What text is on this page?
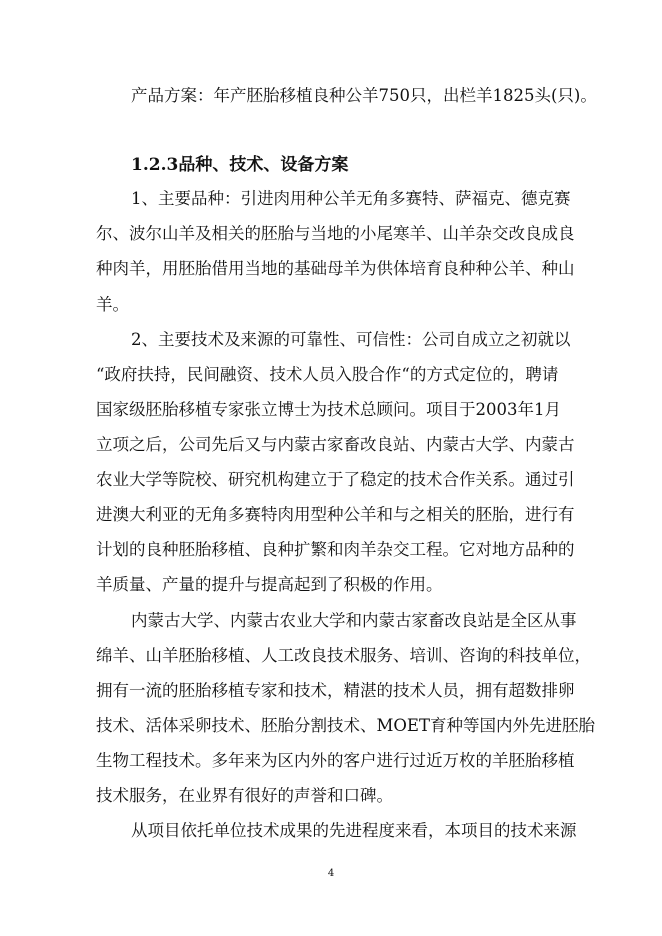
产品方案：年产胚胎移植良种公羊750只，出栏羊1825头(只)。
1.2.3品种、技术、设备方案
1、主要品种：引进肉用种公羊无角多赛特、萨福克、德克赛
尔、波尔山羊及相关的胚胎与当地的小尾寒羊、山羊杂交改良成良
种肉羊，用胚胎借用当地的基础母羊为供体培育良种种公羊、种山
羊。
2、主要技术及来源的可靠性、可信性：公司自成立之初就以
“政府扶持，民间融资、技术人员入股合作“的方式定位的，聘请
国家级胚胎移植专家张立博士为技术总顾问。项目于2003年1月
立项之后，公司先后又与内蒙古家畜改良站、内蒙古大学、内蒙古
农业大学等院校、研究机构建立于了稳定的技术合作关系。通过引
进澳大利亚的无角多赛特肉用型种公羊和与之相关的胚胎，进行有
计划的良种胚胎移植、良种扩繁和肉羊杂交工程。它对地方品种的
羊质量、产量的提升与提高起到了积极的作用。
内蒙古大学、内蒙古农业大学和内蒙古家畜改良站是全区从事
绵羊、山羊胚胎移植、人工改良技术服务、培训、咨询的科技单位，
拥有一流的胚胎移植专家和技术，精湛的技术人员，拥有超数排卵
技术、活体采卵技术、胚胎分割技术、MOET育种等国内外先进胚胎
生物工程技术。多年来为区内外的客户进行过近万枚的羊胚胎移植
技术服务，在业界有很好的声誉和口碑。
从项目依托单位技术成果的先进程度来看，本项目的技术来源
4
